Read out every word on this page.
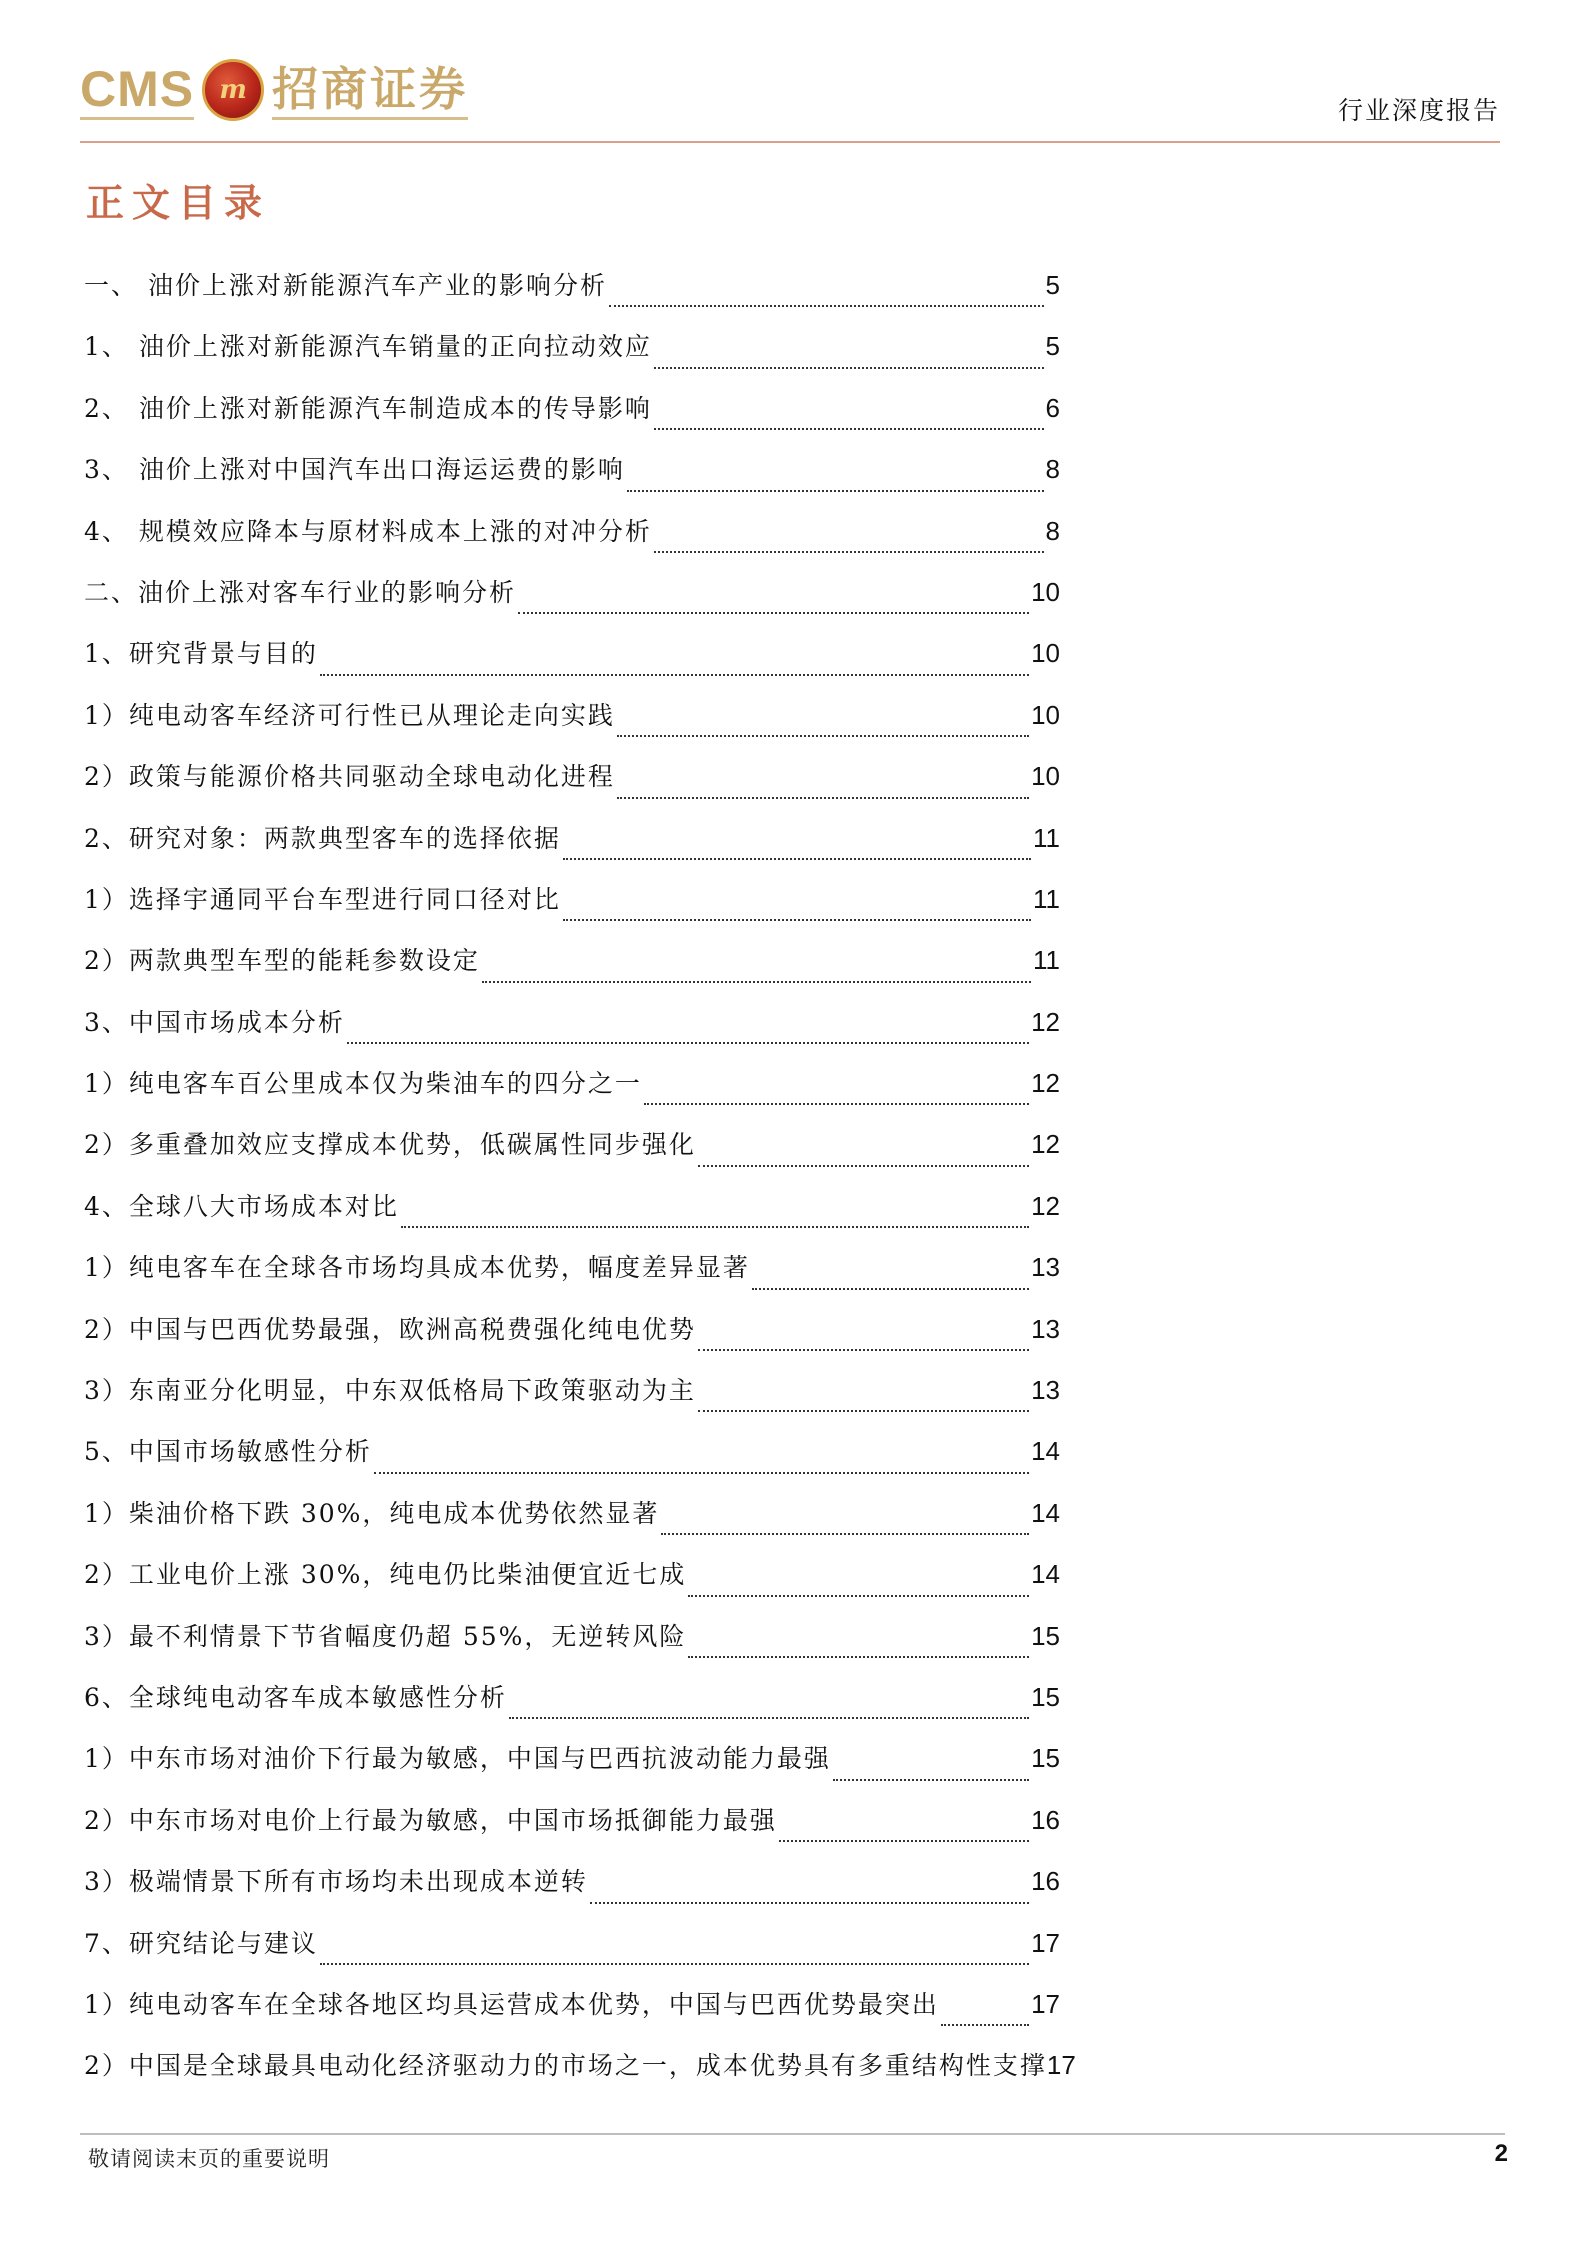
CMS m 招商证券	行业深度报告
正文目录
一、 油价上涨对新能源汽车产业的影响分析	5
1、 油价上涨对新能源汽车销量的正向拉动效应	5
2、 油价上涨对新能源汽车制造成本的传导影响	6
3、 油价上涨对中国汽车出口海运运费的影响	8
4、 规模效应降本与原材料成本上涨的对冲分析	8
二、油价上涨对客车行业的影响分析	10
1、研究背景与目的	10
1）纯电动客车经济可行性已从理论走向实践	10
2）政策与能源价格共同驱动全球电动化进程	10
2、研究对象：两款典型客车的选择依据	11
1）选择宇通同平台车型进行同口径对比	11
2）两款典型车型的能耗参数设定	11
3、中国市场成本分析	12
1）纯电客车百公里成本仅为柴油车的四分之一	12
2）多重叠加效应支撑成本优势，低碳属性同步强化	12
4、全球八大市场成本对比	12
1）纯电客车在全球各市场均具成本优势，幅度差异显著	13
2）中国与巴西优势最强，欧洲高税费强化纯电优势	13
3）东南亚分化明显，中东双低格局下政策驱动为主	13
5、中国市场敏感性分析	14
1）柴油价格下跌 30%，纯电成本优势依然显著	14
2）工业电价上涨 30%，纯电仍比柴油便宜近七成	14
3）最不利情景下节省幅度仍超 55%，无逆转风险	15
6、全球纯电动客车成本敏感性分析	15
1）中东市场对油价下行最为敏感，中国与巴西抗波动能力最强	15
2）中东市场对电价上行最为敏感，中国市场抵御能力最强	16
3）极端情景下所有市场均未出现成本逆转	16
7、研究结论与建议	17
1）纯电动客车在全球各地区均具运营成本优势，中国与巴西优势最突出	17
2）中国是全球最具电动化经济驱动力的市场之一，成本优势具有多重结构性支撑 17
敬请阅读末页的重要说明	2
